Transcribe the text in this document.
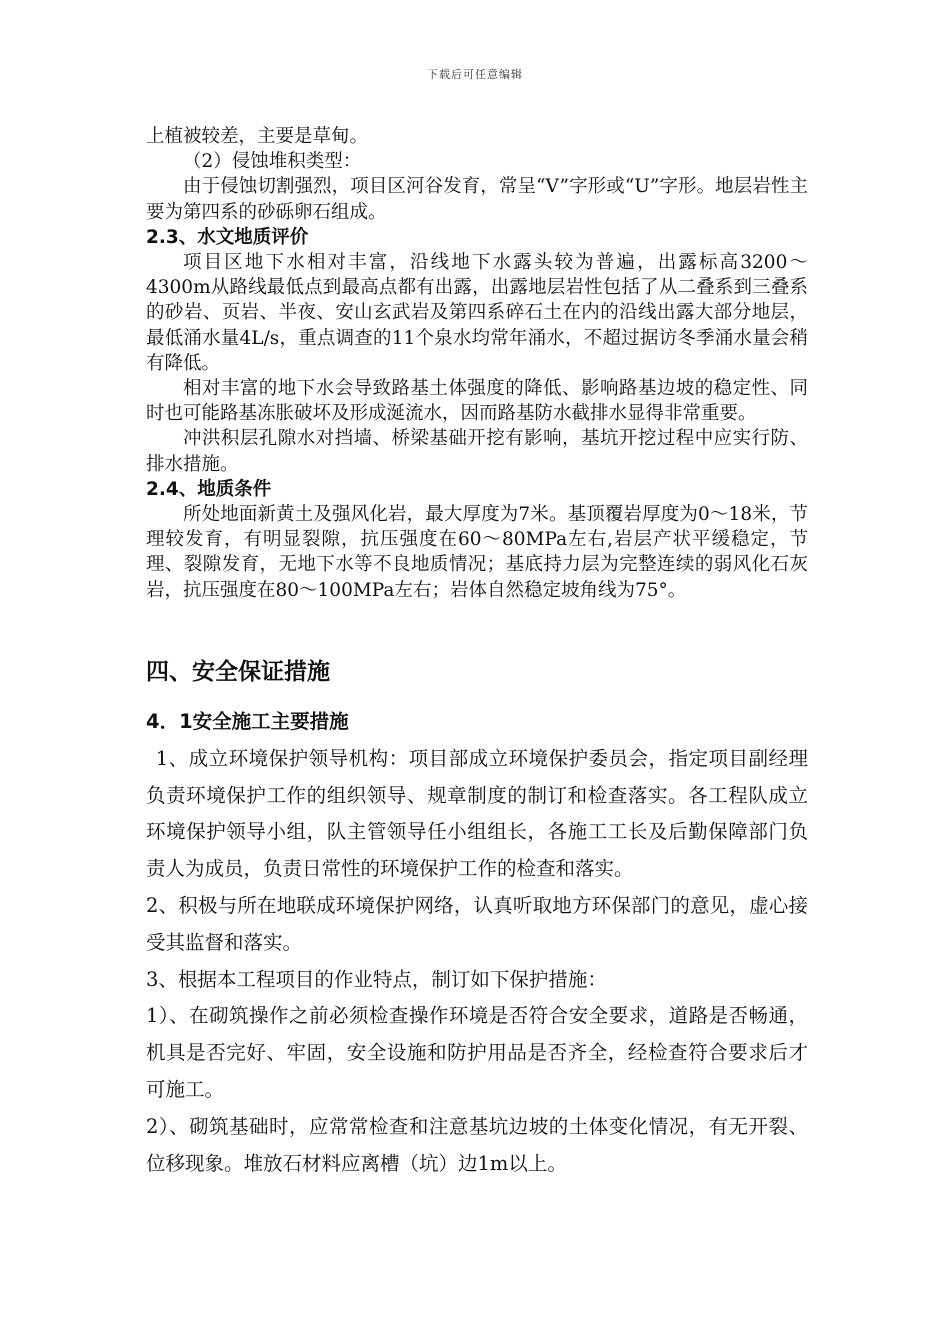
下载后可任意编辑

上植被较差，主要是草甸。

（2）侵蚀堆积类型：

由于侵蚀切割强烈，项目区河谷发育，常呈“V”字形或“U”字形。地层岩性主要为第四系的砂砾卵石组成。

2.3、水文地质评价

项目区地下水相对丰富，沿线地下水露头较为普遍，出露标高3200～4300m从路线最低点到最高点都有出露，出露地层岩性包括了从二叠系到三叠系的砂岩、页岩、半夜、安山玄武岩及第四系碎石土在内的沿线出露大部分地层，最低涌水量4L/s，重点调查的11个泉水均常年涌水，不超过据访冬季涌水量会稍有降低。

相对丰富的地下水会导致路基土体强度的降低、影响路基边坡的稳定性、同时也可能路基冻胀破坏及形成涎流水，因而路基防水截排水显得非常重要。

冲洪积层孔隙水对挡墙、桥梁基础开挖有影响，基坑开挖过程中应实行防、排水措施。

2.4、地质条件

所处地面新黄土及强风化岩，最大厚度为7米。基顶覆岩厚度为0～18米，节理较发育，有明显裂隙，抗压强度在60～80MPa左右,岩层产状平缓稳定，节理、裂隙发育，无地下水等不良地质情况；基底持力层为完整连续的弱风化石灰岩，抗压强度在80～100MPa左右；岩体自然稳定坡角线为75°。

四、安全保证措施
4．1安全施工主要措施

1、成立环境保护领导机构：项目部成立环境保护委员会，指定项目副经理负责环境保护工作的组织领导、规章制度的制订和检查落实。各工程队成立环境保护领导小组，队主管领导任小组组长，各施工工长及后勤保障部门负责人为成员，负责日常性的环境保护工作的检查和落实。

2、积极与所在地联成环境保护网络，认真听取地方环保部门的意见，虚心接受其监督和落实。

3、根据本工程项目的作业特点，制订如下保护措施：

1）、在砌筑操作之前必须检查操作环境是否符合安全要求，道路是否畅通，机具是否完好、牢固，安全设施和防护用品是否齐全，经检查符合要求后才可施工。

2）、砌筑基础时，应常常检查和注意基坑边坡的土体变化情况，有无开裂、位移现象。堆放石材料应离槽（坑）边1m以上。
